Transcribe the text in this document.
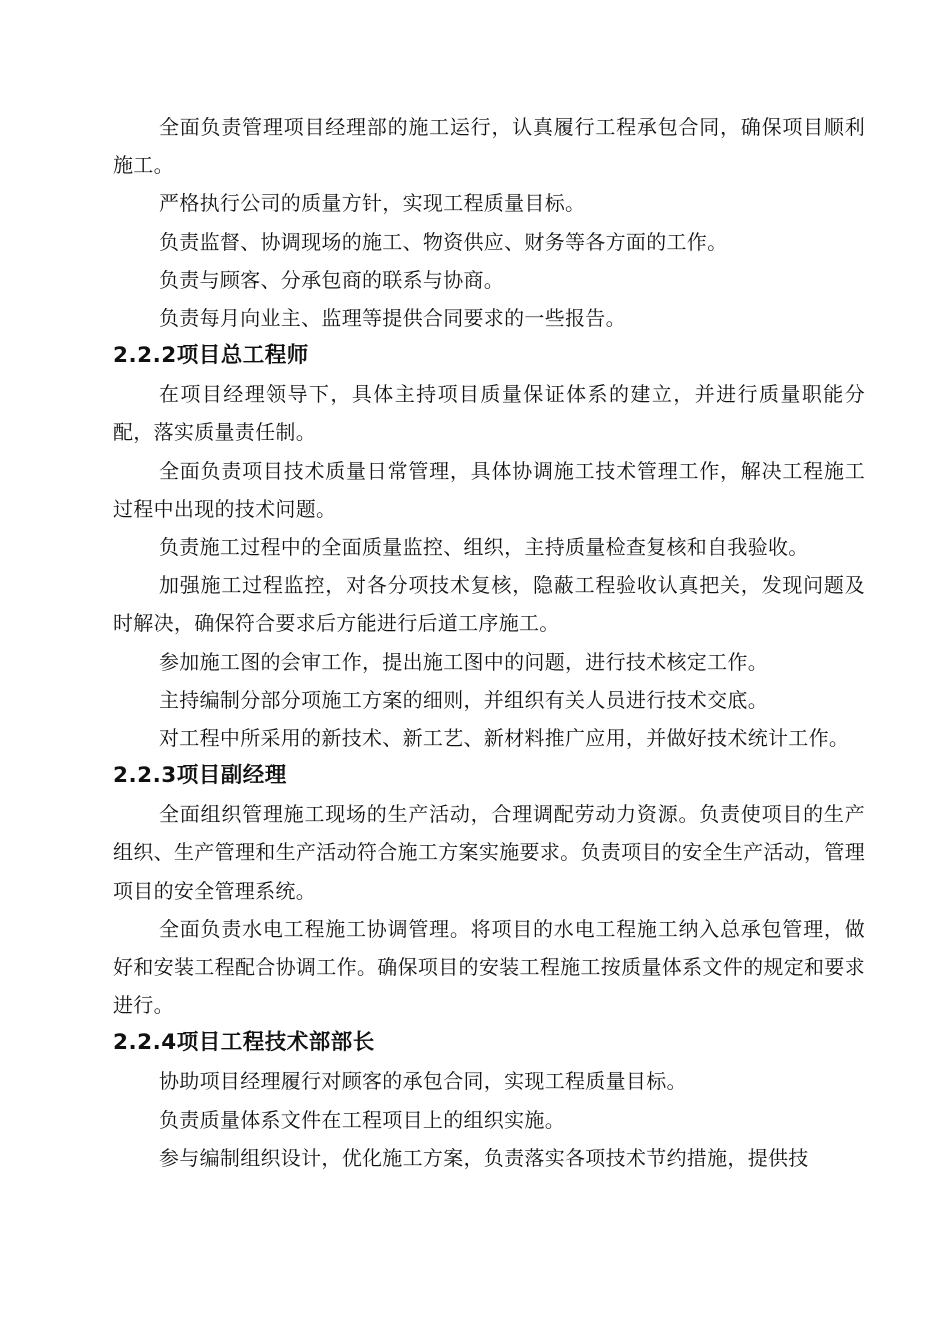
全面负责管理项目经理部的施工运行，认真履行工程承包合同，确保项目顺利施工。

严格执行公司的质量方针，实现工程质量目标。

负责监督、协调现场的施工、物资供应、财务等各方面的工作。

负责与顾客、分承包商的联系与协商。

负责每月向业主、监理等提供合同要求的一些报告。

2.2.2项目总工程师

在项目经理领导下，具体主持项目质量保证体系的建立，并进行质量职能分配，落实质量责任制。

全面负责项目技术质量日常管理，具体协调施工技术管理工作，解决工程施工过程中出现的技术问题。

负责施工过程中的全面质量监控、组织，主持质量检查复核和自我验收。

加强施工过程监控，对各分项技术复核，隐蔽工程验收认真把关，发现问题及时解决，确保符合要求后方能进行后道工序施工。

参加施工图的会审工作，提出施工图中的问题，进行技术核定工作。

主持编制分部分项施工方案的细则，并组织有关人员进行技术交底。

对工程中所采用的新技术、新工艺、新材料推广应用，并做好技术统计工作。

2.2.3项目副经理

全面组织管理施工现场的生产活动，合理调配劳动力资源。负责使项目的生产组织、生产管理和生产活动符合施工方案实施要求。负责项目的安全生产活动，管理项目的安全管理系统。

全面负责水电工程施工协调管理。将项目的水电工程施工纳入总承包管理，做好和安装工程配合协调工作。确保项目的安装工程施工按质量体系文件的规定和要求进行。

2.2.4项目工程技术部部长

协助项目经理履行对顾客的承包合同，实现工程质量目标。

负责质量体系文件在工程项目上的组织实施。

参与编制组织设计，优化施工方案，负责落实各项技术节约措施，提供技
